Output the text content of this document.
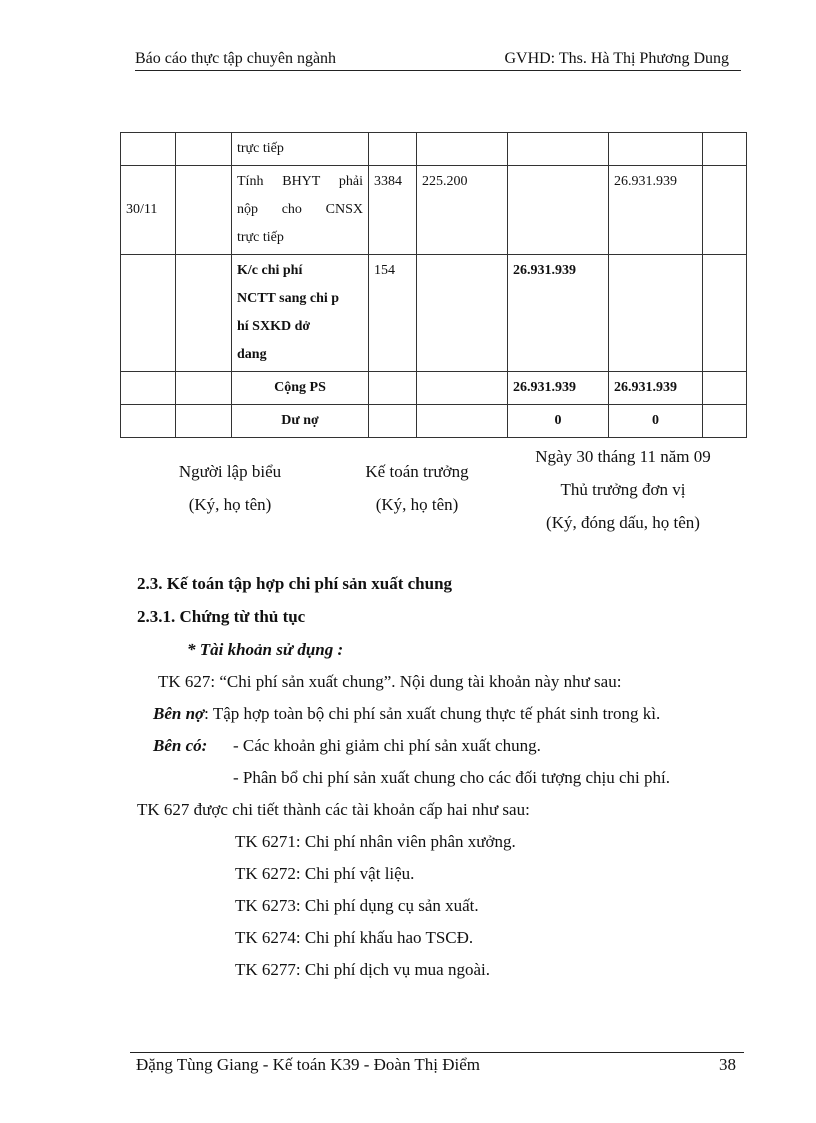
Báo cáo thực tập chuyên ngành	GVHD: Ths. Hà Thị Phương Dung
		trực tiếp					
30/11		Tính BHYT phải
nộp cho CNSX
trực tiếp	3384	225.200		26.931.939	

		K/c chi phí
NCTT sang chi p
hí SXKD dở
dang	154		26.931.939		
		Cộng PS			26.931.939	26.931.939	
		Dư nợ			0	0	
Người lập biểu
(Ký, họ tên)
Kế toán trưởng
(Ký, họ tên)
Ngày 30 tháng 11 năm 09
Thủ trưởng đơn vị
(Ký, đóng dấu, họ tên)
2.3. Kế toán tập hợp chi phí sản xuất chung
2.3.1. Chứng từ thủ tục
* Tài khoản sử dụng :
TK 627: “Chi phí sản xuất chung”. Nội dung tài khoản này như sau:
Bên nợ: Tập hợp toàn bộ chi phí sản xuất chung thực tế phát sinh trong kì.
Bên có: - Các khoản ghi giảm chi phí sản xuất chung.
- Phân bổ chi phí sản xuất chung cho các đối tượng chịu chi phí.
TK 627 được chi tiết thành các tài khoản cấp hai như sau:
TK 6271: Chi phí nhân viên phân xưởng.
TK 6272: Chi phí vật liệu.
TK 6273: Chi phí dụng cụ sản xuất.
TK 6274: Chi phí khấu hao TSCĐ.
TK 6277: Chi phí dịch vụ mua ngoài.
Đặng Tùng Giang - Kế toán K39 - Đoàn Thị Điểm	38
